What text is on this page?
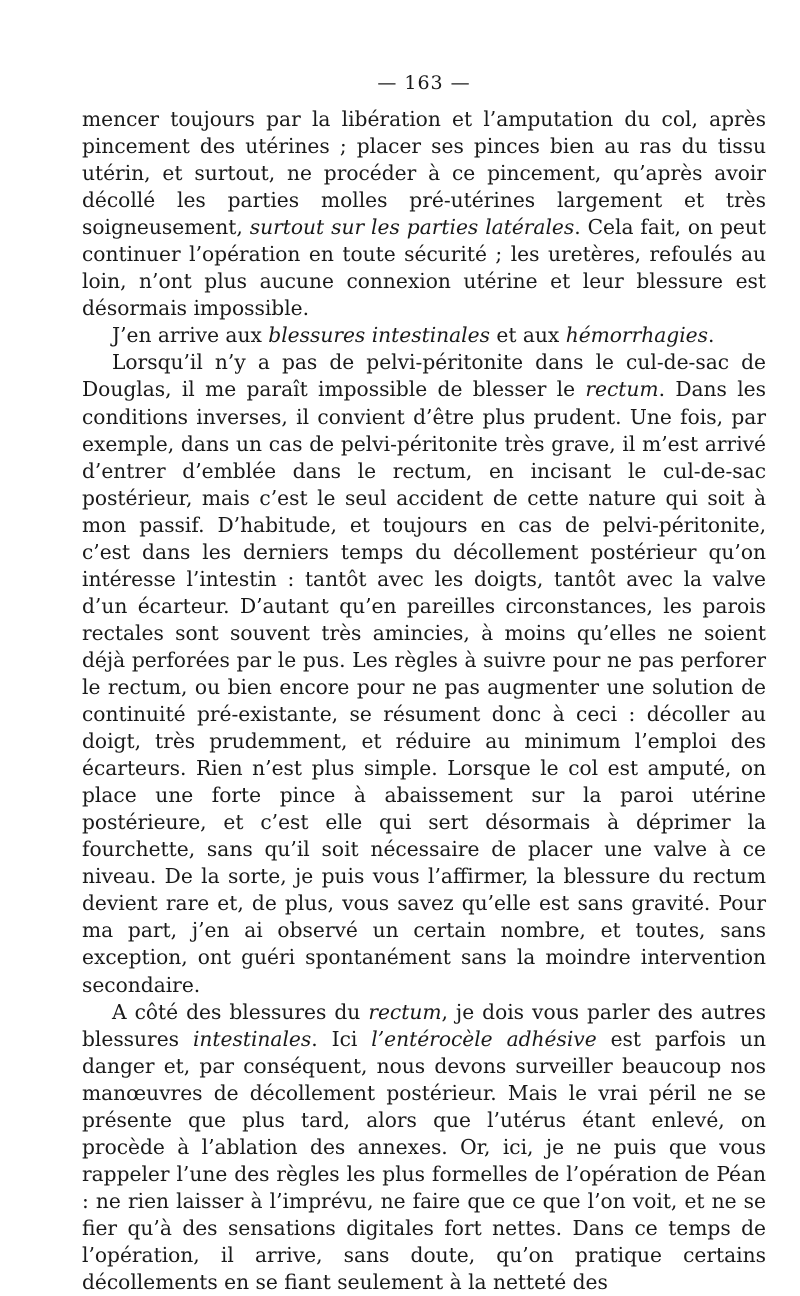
— 163 —

mencer toujours par la libération et l’amputation du col, après pincement des utérines ; placer ses pinces bien au ras du tissu utérin, et surtout, ne procéder à ce pincement, qu’après avoir décollé les parties molles pré-utérines largement et très soigneusement, surtout sur les parties latérales. Cela fait, on peut continuer l’opération en toute sécurité ; les uretères, refoulés au loin, n’ont plus aucune connexion utérine et leur blessure est désormais impossible.

J’en arrive aux blessures intestinales et aux hémorrhagies.

Lorsqu’il n’y a pas de pelvi-péritonite dans le cul-de-sac de Douglas, il me paraît impossible de blesser le rectum. Dans les conditions inverses, il convient d’être plus prudent. Une fois, par exemple, dans un cas de pelvi-péritonite très grave, il m’est arrivé d’entrer d’emblée dans le rectum, en incisant le cul-de-sac postérieur, mais c’est le seul accident de cette nature qui soit à mon passif. D’habitude, et toujours en cas de pelvi-péritonite, c’est dans les derniers temps du décollement postérieur qu’on intéresse l’intestin : tantôt avec les doigts, tantôt avec la valve d’un écarteur. D’autant qu’en pareilles circonstances, les parois rectales sont souvent très amincies, à moins qu’elles ne soient déjà perforées par le pus. Les règles à suivre pour ne pas perforer le rectum, ou bien encore pour ne pas augmenter une solution de continuité pré-existante, se résument donc à ceci : décoller au doigt, très prudemment, et réduire au minimum l’emploi des écarteurs. Rien n’est plus simple. Lorsque le col est amputé, on place une forte pince à abaissement sur la paroi utérine postérieure, et c’est elle qui sert désormais à déprimer la fourchette, sans qu’il soit nécessaire de placer une valve à ce niveau. De la sorte, je puis vous l’affirmer, la blessure du rectum devient rare et, de plus, vous savez qu’elle est sans gravité. Pour ma part, j’en ai observé un certain nombre, et toutes, sans exception, ont guéri spontanément sans la moindre intervention secondaire.

A côté des blessures du rectum, je dois vous parler des autres blessures intestinales. Ici l’entérocèle adhésive est parfois un danger et, par conséquent, nous devons surveiller beaucoup nos manœuvres de décollement postérieur. Mais le vrai péril ne se présente que plus tard, alors que l’utérus étant enlevé, on procède à l’ablation des annexes. Or, ici, je ne puis que vous rappeler l’une des règles les plus formelles de l’opération de Péan : ne rien laisser à l’imprévu, ne faire que ce que l’on voit, et ne se fier qu’à des sensations digitales fort nettes. Dans ce temps de l’opération, il arrive, sans doute, qu’on pratique certains décollements en se fiant seulement à la netteté des
